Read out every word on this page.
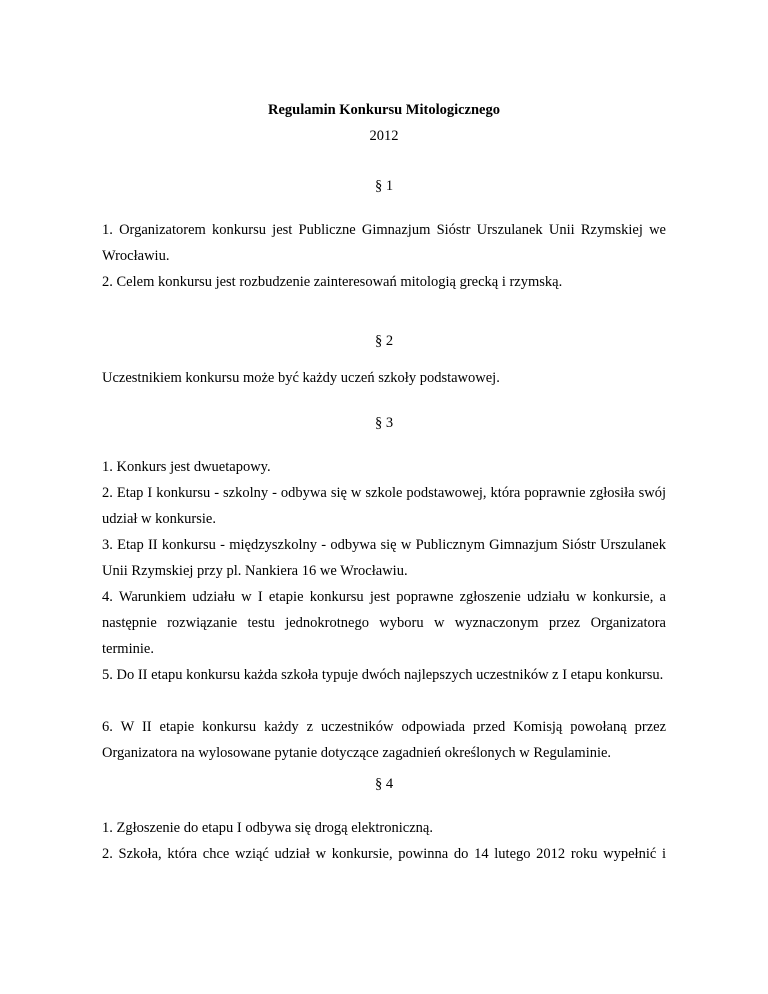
Regulamin Konkursu Mitologicznego
2012
§ 1
1. Organizatorem konkursu jest Publiczne Gimnazjum Sióstr Urszulanek Unii Rzymskiej we Wrocławiu.
2. Celem konkursu jest rozbudzenie zainteresowań mitologią grecką i rzymską.
§ 2
Uczestnikiem konkursu może być każdy uczeń szkoły podstawowej.
§ 3
1. Konkurs jest dwuetapowy.
2. Etap I konkursu - szkolny - odbywa się w szkole podstawowej, która poprawnie zgłosiła swój udział w konkursie.
3. Etap II konkursu - międzyszkolny - odbywa się w Publicznym Gimnazjum Sióstr Urszulanek Unii Rzymskiej przy pl. Nankiera 16 we Wrocławiu.
4. Warunkiem udziału w I etapie konkursu jest poprawne zgłoszenie udziału w konkursie, a następnie rozwiązanie testu jednokrotnego wyboru w wyznaczonym przez Organizatora terminie.
5. Do II etapu konkursu każda szkoła typuje dwóch najlepszych uczestników z I etapu konkursu.
6. W II etapie konkursu każdy z uczestników odpowiada przed Komisją powołaną przez Organizatora na wylosowane pytanie dotyczące zagadnień określonych w Regulaminie.
§ 4
1. Zgłoszenie do etapu I odbywa się drogą elektroniczną.
2. Szkoła, która chce wziąć udział w konkursie, powinna do 14 lutego 2012 roku wypełnić i
